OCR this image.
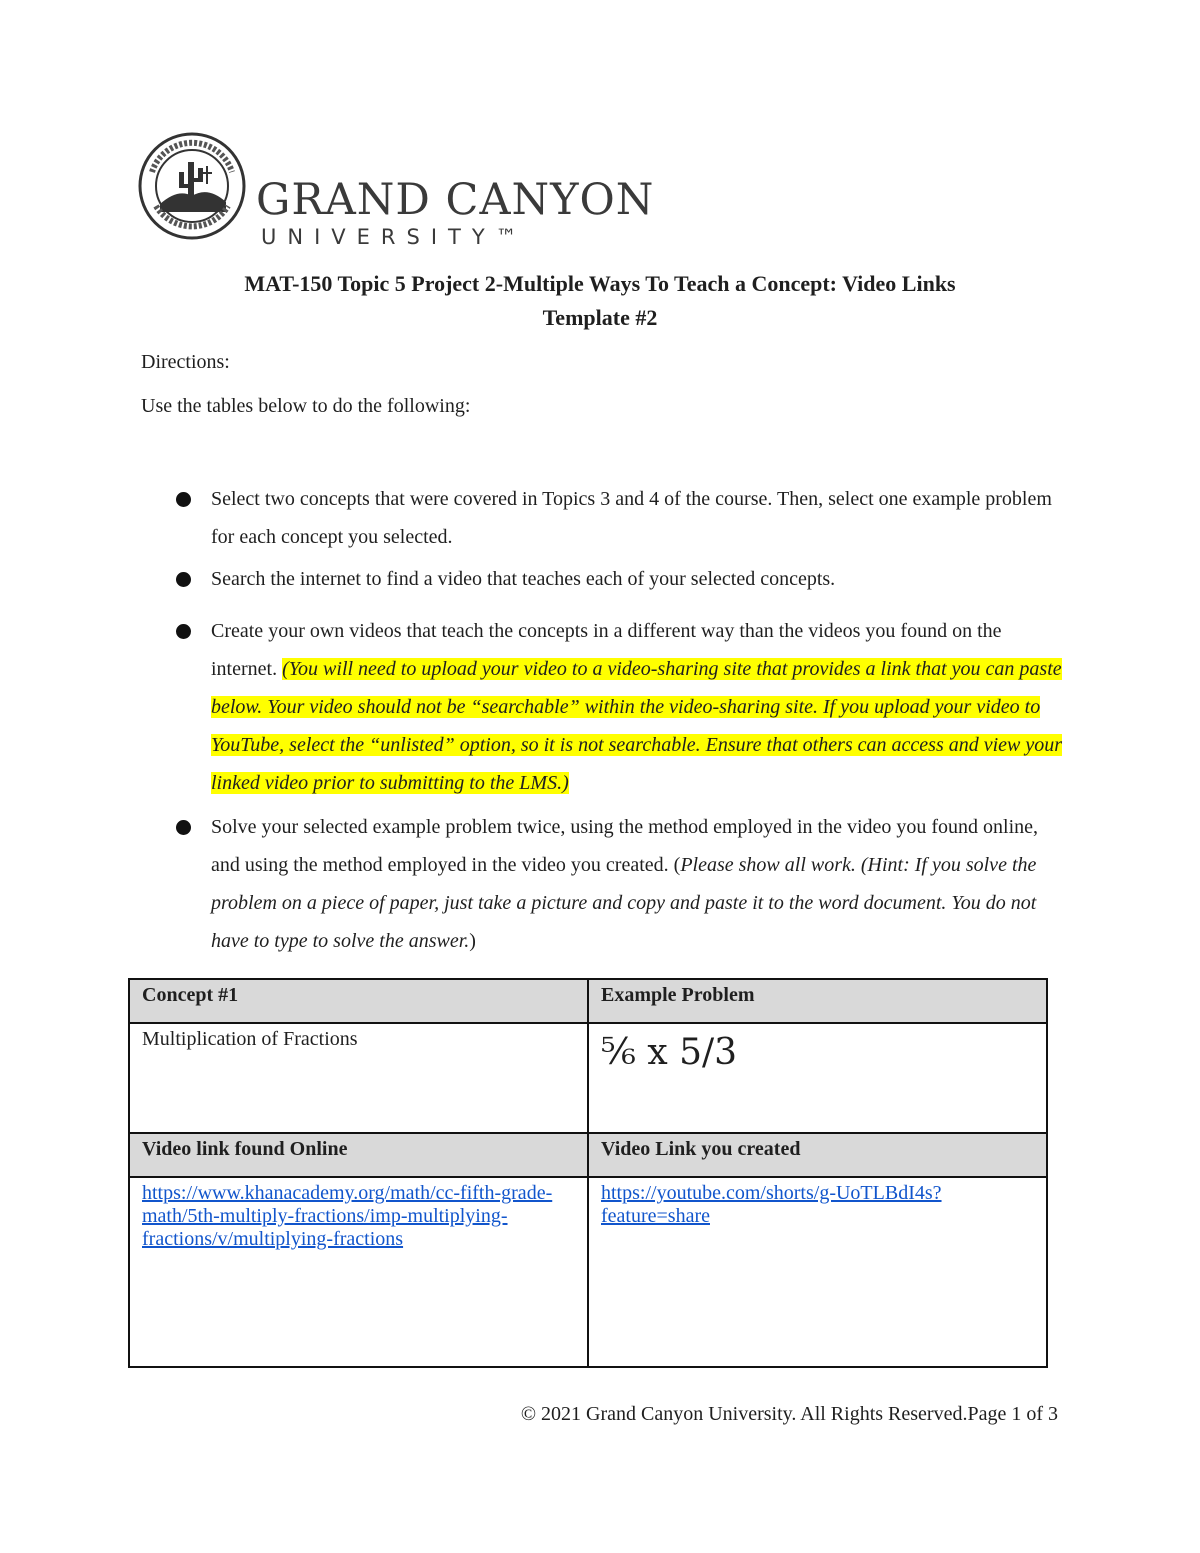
GRAND CANYON
UNIVERSITY™
MAT-150 Topic 5 Project 2-Multiple Ways To Teach a Concept: Video Links
Template #2
Directions:
Use the tables below to do the following:
Select two concepts that were covered in Topics 3 and 4 of the course. Then, select one example problem for each concept you selected.
Search the internet to find a video that teaches each of your selected concepts.
Create your own videos that teach the concepts in a different way than the videos you found on the internet. (You will need to upload your video to a video-sharing site that provides a link that you can paste below. Your video should not be “searchable” within the video-sharing site. If you upload your video to YouTube, select the “unlisted” option, so it is not searchable. Ensure that others can access and view your linked video prior to submitting to the LMS.)
Solve your selected example problem twice, using the method employed in the video you found online, and using the method employed in the video you created. (Please show all work. (Hint: If you solve the problem on a piece of paper, just take a picture and copy and paste it to the word document. You do not have to type to solve the answer.)
Concept #1	Example Problem
Multiplication of Fractions	⅚ x 5/3

Video link found Online	Video Link you created
https://www.khanacademy.org/math/cc-fifth-grade-math/5th-multiply-fractions/imp-multiplying-fractions/v/multiplying-fractions	https://youtube.com/shorts/g-UoTLBdI4s?feature=share
© 2021 Grand Canyon University. All Rights Reserved.Page 1 of 3
